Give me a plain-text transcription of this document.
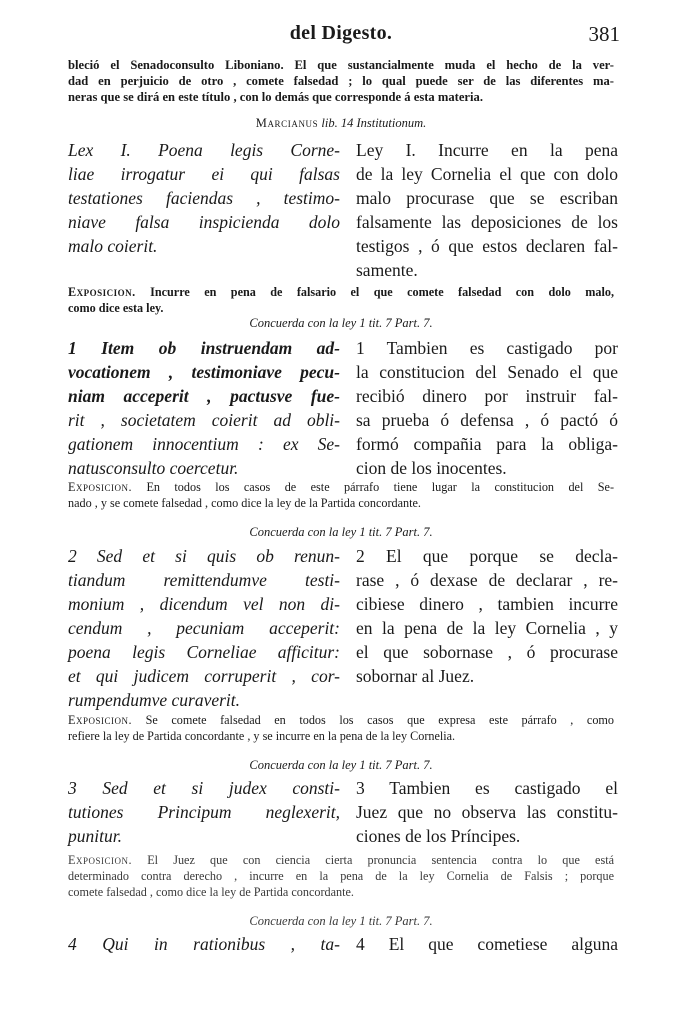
del Digesto.	381
bleció el Senadoconsulto Liboniano. El que sustancialmente muda el hecho de la ver-
dad en perjuicio de otro , comete falsedad ; lo qual puede ser de las diferentes ma-
neras que se dirá en este título , con lo demás que corresponde á esta materia.
Marcianus lib. 14 Institutionum.
Lex I. Poena legis Corne-
liae irrogatur ei qui falsas
testationes faciendas , testimo-
niave falsa inspicienda dolo
malo coierit.
Ley I. Incurre en la pena
de la ley Cornelia el que con dolo
malo procurase que se escriban
falsamente las deposiciones de los
testigos , ó que estos declaren fal-
samente.
Exposicion. Incurre en pena de falsario el que comete falsedad con dolo malo,
como dice esta ley.
Concuerda con la ley 1 tit. 7 Part. 7.
1 Item ob instruendam ad-
vocationem , testimoniave pecu-
niam acceperit , pactusve fue-
rit , societatem coierit ad obli-
gationem innocentium : ex Se-
natusconsulto coercetur.
1 Tambien es castigado por
la constitucion del Senado el que
recibió dinero por instruir fal-
sa prueba ó defensa , ó pactó ó
formó compañia para la obliga-
cion de los inocentes.
Exposicion. En todos los casos de este párrafo tiene lugar la constitucion del Se-
nado , y se comete falsedad , como dice la ley de la Partida concordante.
Concuerda con la ley 1 tit. 7 Part. 7.
2 Sed et si quis ob renun-
tiandum remittendumve testi-
monium , dicendum vel non di-
cendum , pecuniam acceperit:
poena legis Corneliae afficitur:
et qui judicem corruperit , cor-
rumpendumve curaverit.
2 El que porque se decla-
rase , ó dexase de declarar , re-
cibiese dinero , tambien incurre
en la pena de la ley Cornelia , y
el que sobornase , ó procurase
sobornar al Juez.
Exposicion. Se comete falsedad en todos los casos que expresa este párrafo , como
refiere la ley de Partida concordante , y se incurre en la pena de la ley Cornelia.
Concuerda con la ley 1 tit. 7 Part. 7.
3 Sed et si judex consti-
tutiones Principum neglexerit,
punitur.
3 Tambien es castigado el
Juez que no observa las constitu-
ciones de los Príncipes.
Exposicion. El Juez que con ciencia cierta pronuncia sentencia contra lo que está
determinado contra derecho , incurre en la pena de la ley Cornelia de Falsis ; porque
comete falsedad , como dice la ley de Partida concordante.
Concuerda con la ley 1 tit. 7 Part. 7.
4 Qui in rationibus , ta- 4 El que cometiese alguna
